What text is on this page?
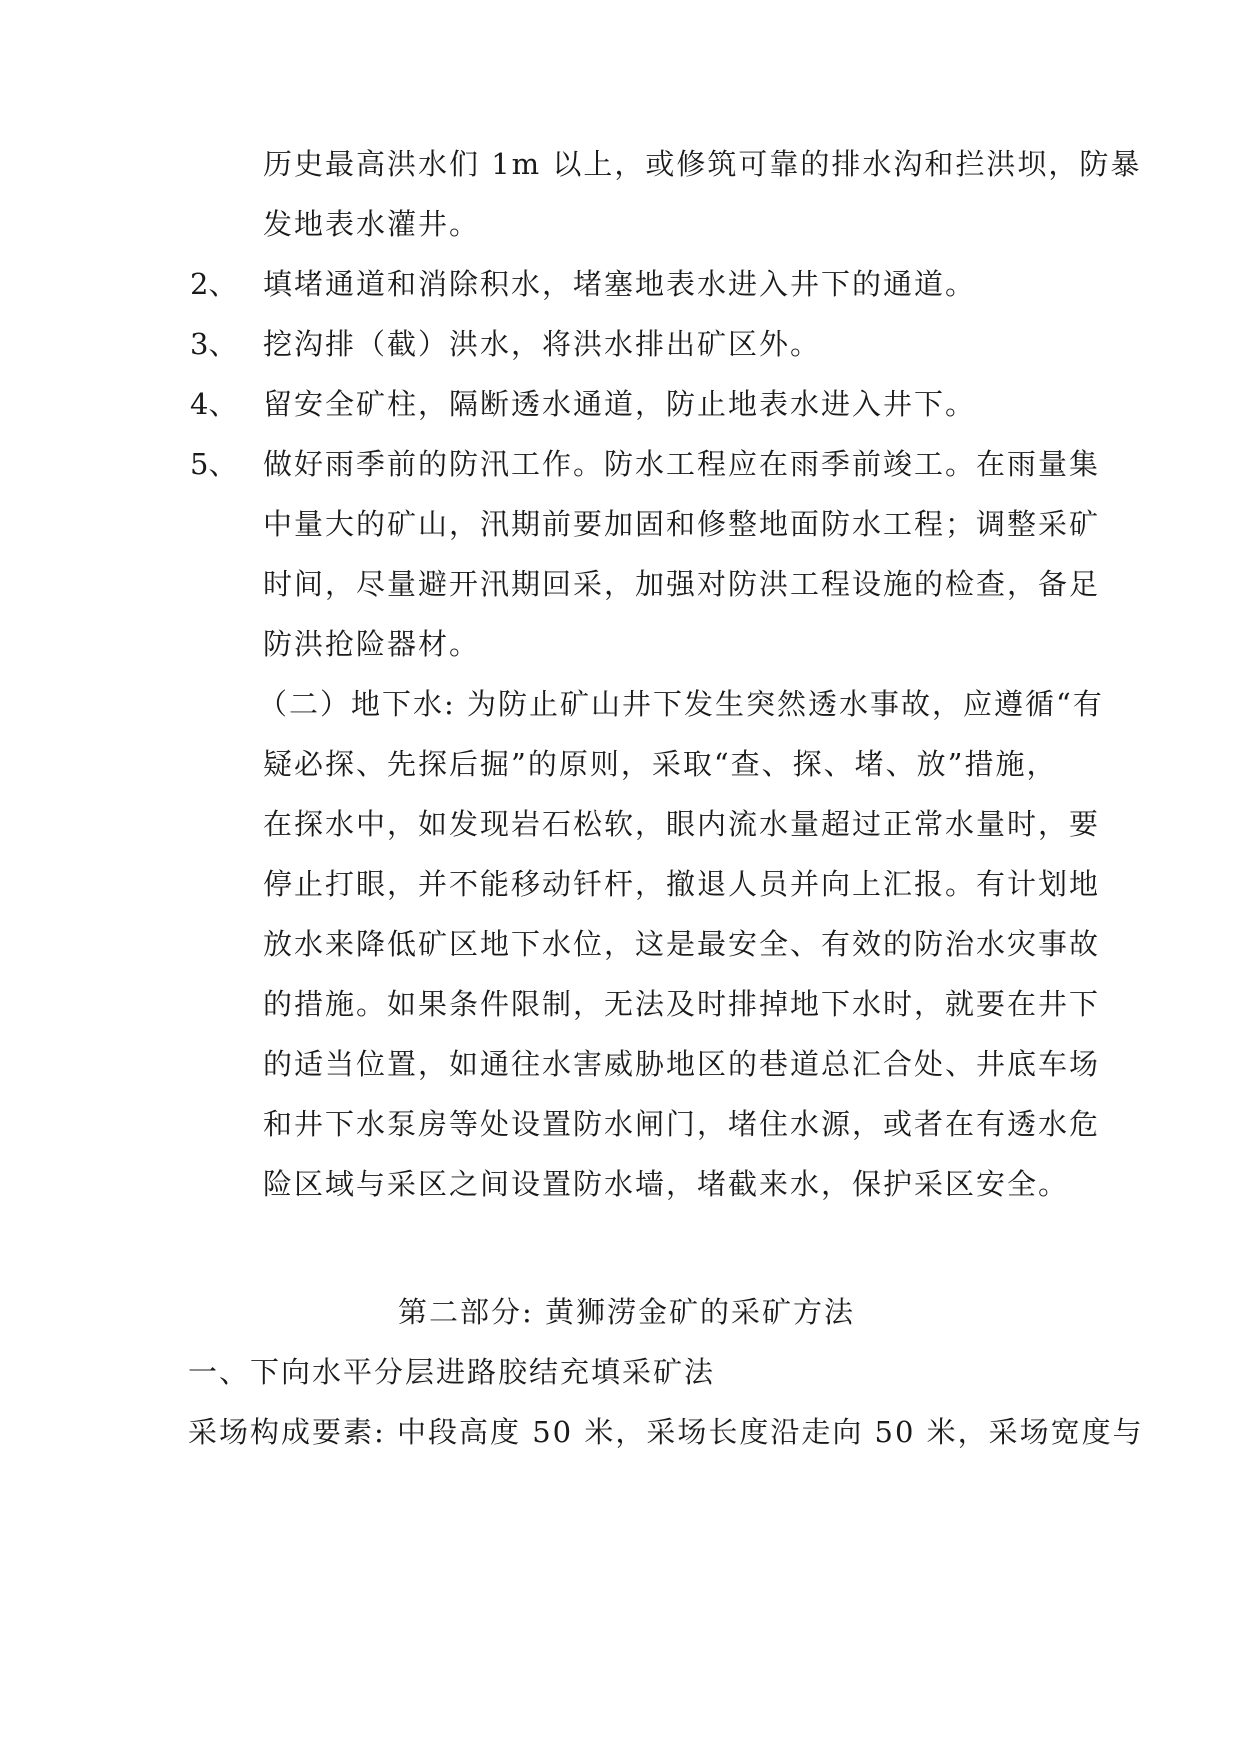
历史最高洪水们 1m 以上，或修筑可靠的排水沟和拦洪坝，防暴
发地表水灌井。
2、 填堵通道和消除积水，堵塞地表水进入井下的通道。
3、 挖沟排（截）洪水，将洪水排出矿区外。
4、 留安全矿柱，隔断透水通道，防止地表水进入井下。
5、 做好雨季前的防汛工作。防水工程应在雨季前竣工。在雨量集
中量大的矿山，汛期前要加固和修整地面防水工程；调整采矿
时间，尽量避开汛期回采，加强对防洪工程设施的检查，备足
防洪抢险器材。
（二）地下水: 为防止矿山井下发生突然透水事故，应遵循“有
疑必探、先探后掘”的原则，采取“查、探、堵、放”措施，
在探水中，如发现岩石松软，眼内流水量超过正常水量时，要
停止打眼，并不能移动钎杆，撤退人员并向上汇报。有计划地
放水来降低矿区地下水位，这是最安全、有效的防治水灾事故
的措施。如果条件限制，无法及时排掉地下水时，就要在井下
的适当位置，如通往水害威胁地区的巷道总汇合处、井底车场
和井下水泵房等处设置防水闸门，堵住水源，或者在有透水危
险区域与采区之间设置防水墙，堵截来水，保护采区安全。
第二部分: 黄狮涝金矿的采矿方法
一、下向水平分层进路胶结充填采矿法
采场构成要素: 中段高度 50 米，采场长度沿走向 50 米，采场宽度与
